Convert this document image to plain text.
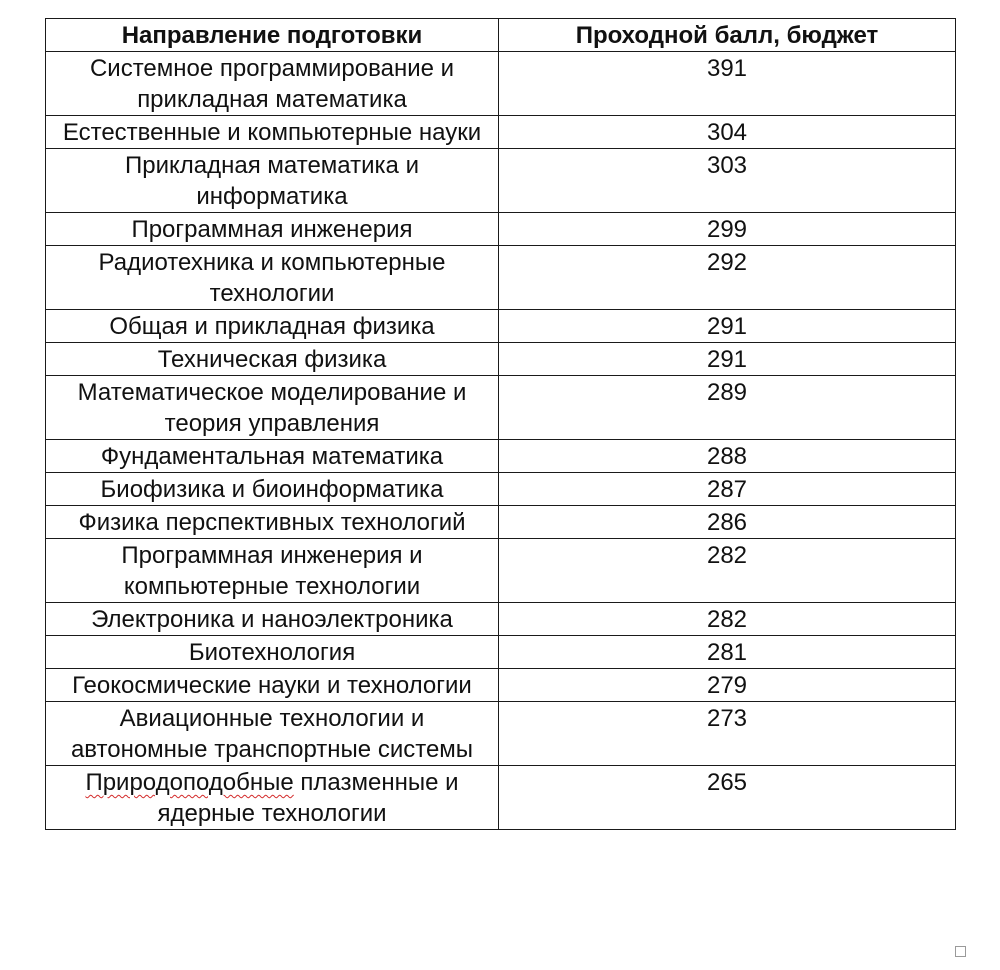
Направление подготовки	Проходной балл, бюджет
Системное программирование и прикладная математика	391
Естественные и компьютерные науки	304
Прикладная математика и информатика	303
Программная инженерия	299
Радиотехника и компьютерные технологии	292
Общая и прикладная физика	291
Техническая физика	291
Математическое моделирование и теория управления	289
Фундаментальная математика	288
Биофизика и биоинформатика	287
Физика перспективных технологий	286
Программная инженерия и компьютерные технологии	282
Электроника и наноэлектроника	282
Биотехнология	281
Геокосмические науки и технологии	279
Авиационные технологии и автономные транспортные системы	273
Природоподобные плазменные и ядерные технологии	265
